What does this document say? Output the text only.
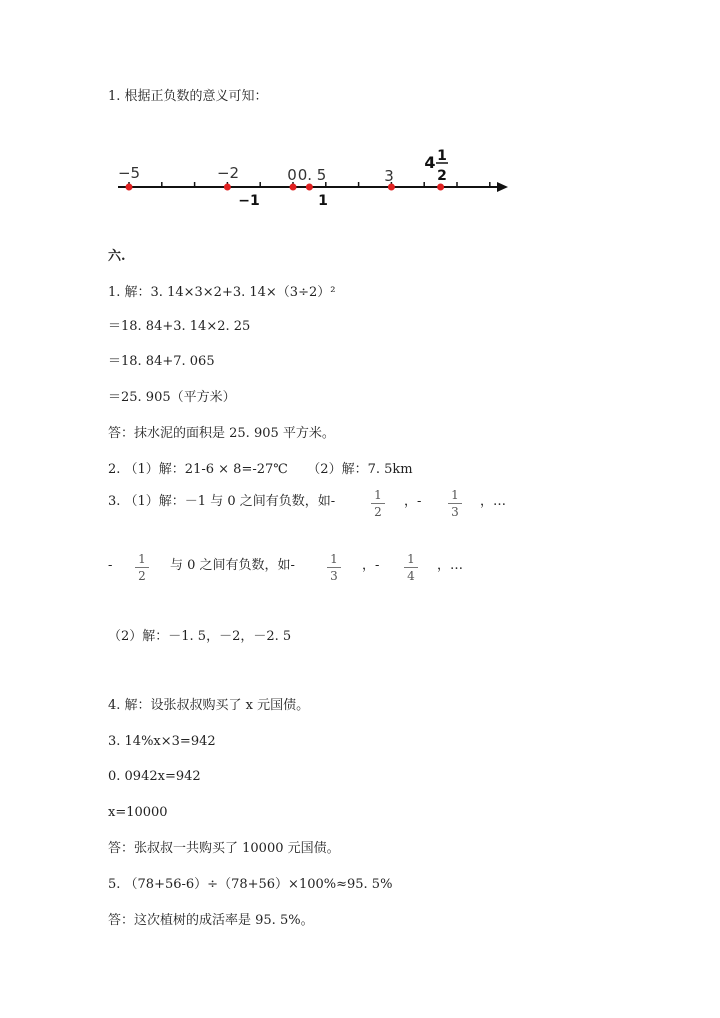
1. 根据正负数的意义可知：
−5	−2	0 0. 5	3
4 1
2
−1	1
六.
1. 解：3. 14×3×2+3. 14×（3÷2）²
＝18. 84+3. 14×2. 25
＝18. 84+7. 065
＝25. 905（平方米）
答：抹水泥的面积是 25. 905 平方米。
2. （1）解：21-6 × 8=-27℃　　（2）解：7. 5km
3. （1）解：－1 与 0 之间有负数，如-	1
2
，- 1
3
，…
- 1
2
与 0 之间有负数，如-	1
3
，- 1
4
，…
（2）解：－1. 5，－2，－2. 5
4. 解：设张叔叔购买了 x 元国债。
3. 14%x×3=942
0. 0942x=942
x=10000
答：张叔叔一共购买了 10000 元国债。
5. （78+56-6）÷（78+56）×100%≈95. 5%
答：这次植树的成活率是 95. 5%。
